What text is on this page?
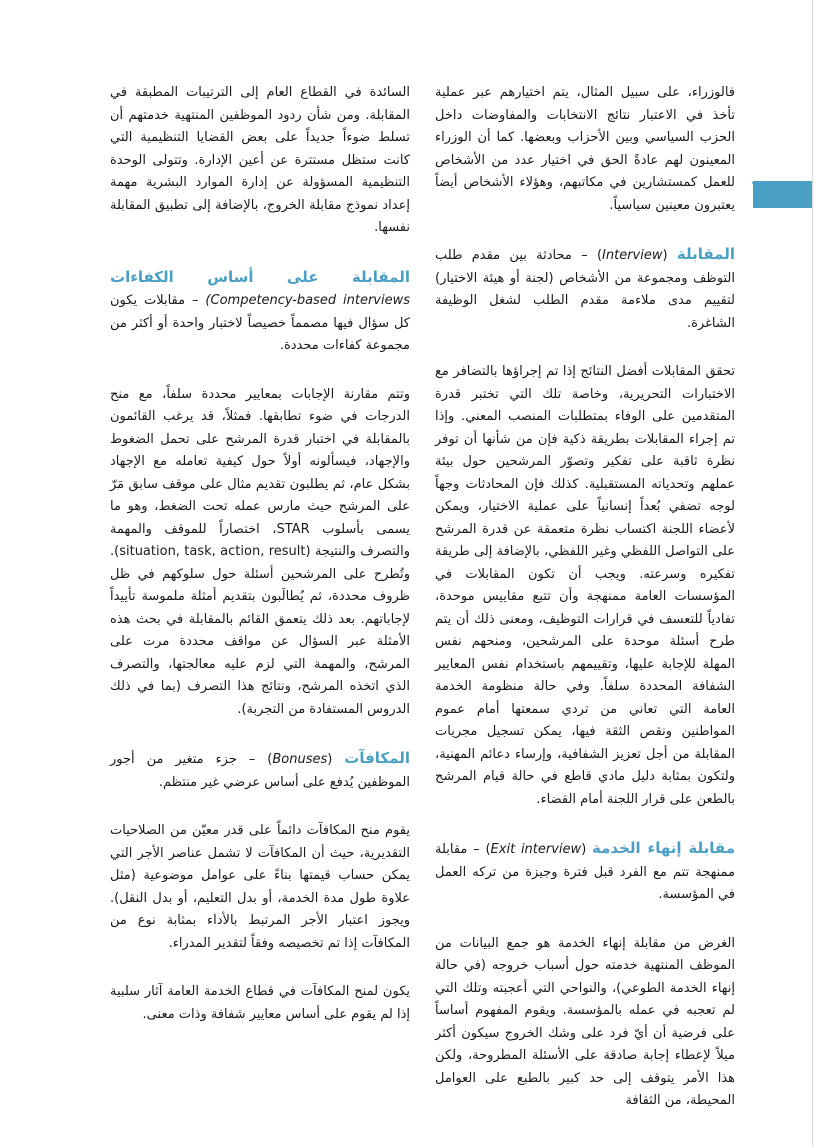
٢٦

فالوزراء، على سبيل المثال، يتم اختيارهم عبر عملية تأخذ في الاعتبار نتائج الانتخابات والمفاوضات داخل الحزب السياسي وبين الأحزاب وبعضها. كما أن الوزراء المعينون لهم عادةً الحق في اختيار عدد من الأشخاص للعمل كمستشارين في مكاتبهم، وهؤلاء الأشخاص أيضاً يعتبرون معينين سياسياً.

المقابلة (Interview) – محادثة بين مقدم طلب التوظف ومجموعة من الأشخاص (لجنة أو هيئة الاختيار) لتقييم مدى ملاءمة مقدم الطلب لشغل الوظيفة الشاغرة.

تحقق المقابلات أفضل النتائج إذا تم إجراؤها بالتضافر مع الاختبارات التحريرية، وخاصة تلك التي تختبر قدرة المتقدمين على الوفاء بمتطلبات المنصب المعني. وإذا تم إجراء المقابلات بطريقة ذكية فإن من شأنها أن توفر نظرة ثاقبة على تفكير وتصوّر المرشحين حول بيئة عملهم وتحدياته المستقبلية. كذلك فإن المحادثات وجهاً لوجه تضفي بُعداً إنسانياً على عملية الاختيار، ويمكن لأعضاء اللجنة اكتساب نظرة متعمقة عن قدرة المرشح على التواصل اللفظي وغير اللفظي، بالإضافة إلى طريقة تفكيره وسرعته. ويجب أن تكون المقابلات في المؤسسات العامة ممنهجة وأن تتبع مقاييس موحدة، تفادياً للتعسف في قرارات التوظيف، ومعنى ذلك أن يتم طرح أسئلة موحدة على المرشحين، ومنحهم نفس المهلة للإجابة عليها، وتقييمهم باستخدام نفس المعايير الشفافة المحددة سلفاً. وفي حالة منظومة الخدمة العامة التي تعاني من تردي سمعتها أمام عموم المواطنين ونقص الثقة فيها، يمكن تسجيل مجريات المقابلة من أجل تعزيز الشفافية، وإرساء دعائم المهنية، ولتكون بمثابة دليل مادي قاطع في حالة قيام المرشح بالطعن على قرار اللجنة أمام القضاء.

مقابلة إنهاء الخدمة (Exit interview) – مقابلة ممنهجة تتم مع الفرد قبل فترة وجيزة من تركه العمل في المؤسسة.

الغرض من مقابلة إنهاء الخدمة هو جمع البيانات من الموظف المنتهية خدمته حول أسباب خروجه (في حالة إنهاء الخدمة الطوعي)، والنواحي التي أعجبته وتلك التي لم تعجبه في عمله بالمؤسسة. ويقوم المفهوم أساساً على فرضية أن أيّ فرد على وشك الخروج سيكون أكثر ميلاً لإعطاء إجابة صادقة على الأسئلة المطروحة، ولكن هذا الأمر يتوقف إلى حد كبير بالطبع على العوامل المحيطة، من الثقافة

السائدة في القطاع العام إلى الترتيبات المطبقة في المقابلة. ومن شأن ردود الموظفين المنتهية خدمتهم أن تسلط ضوءاً جديداً على بعض القضايا التنظيمية التي كانت ستظل مستترة عن أعين الإدارة. وتتولى الوحدة التنظيمية المسؤولة عن إدارة الموارد البشرية مهمة إعداد نموذج مقابلة الخروج، بالإضافة إلى تطبيق المقابلة نفسها.

المقابلة على أساس الكفاءات (Competency-based interviews – مقابلات يكون كل سؤال فيها مصمماً خصيصاً لاختبار واحدة أو أكثر من مجموعة كفاءات محددة.

وتتم مقارنة الإجابات بمعايير محددة سلفاً، مع منح الدرجات في ضوء تطابقها. فمثلاً، قد يرغب القائمون بالمقابلة في اختبار قدرة المرشح على تحمل الضغوط والإجهاد، فيسألونه أولاً حول كيفية تعامله مع الإجهاد بشكل عام، ثم يطلبون تقديم مثال على موقف سابق مَرّ على المرشح حيث مارس عمله تحت الضغط، وهو ما يسمى بأسلوب STAR، اختصاراً للموقف والمهمة والتصرف والنتيجة (situation, task, action, result). وتُطرح على المرشحين أسئلة حول سلوكهم في ظل ظروف محددة، ثم يُطالَبون بتقديم أمثلة ملموسة تأييداً لإجاباتهم. بعد ذلك يتعمق القائم بالمقابلة في بحث هذه الأمثلة عبر السؤال عن مواقف محددة مرت على المرشح، والمهمة التي لزم عليه معالجتها، والتصرف الذي اتخذه المرشح، ونتائج هذا التصرف (بما في ذلك الدروس المستفادة من التجربة).

المكافآت (Bonuses) – جزء متغير من أجور الموظفين يُدفع على أساس عرضي غير منتظم.

يقوم منح المكافآت دائماً على قدر معيّن من الصلاحيات التقديرية، حيث أن المكافآت لا تشمل عناصر الأجر التي يمكن حساب قيمتها بناءً على عوامل موضوعية (مثل علاوة طول مدة الخدمة، أو بدل التعليم، أو بدل النقل). ويجوز اعتبار الأجر المرتبط بالأداء بمثابة نوع من المكافآت إذا تم تخصيصه وفقاً لتقدير المدراء.

يكون لمنح المكافآت في قطاع الخدمة العامة آثار سلبية إذا لم يقوم على أساس معايير شفافة وذات معنى.
